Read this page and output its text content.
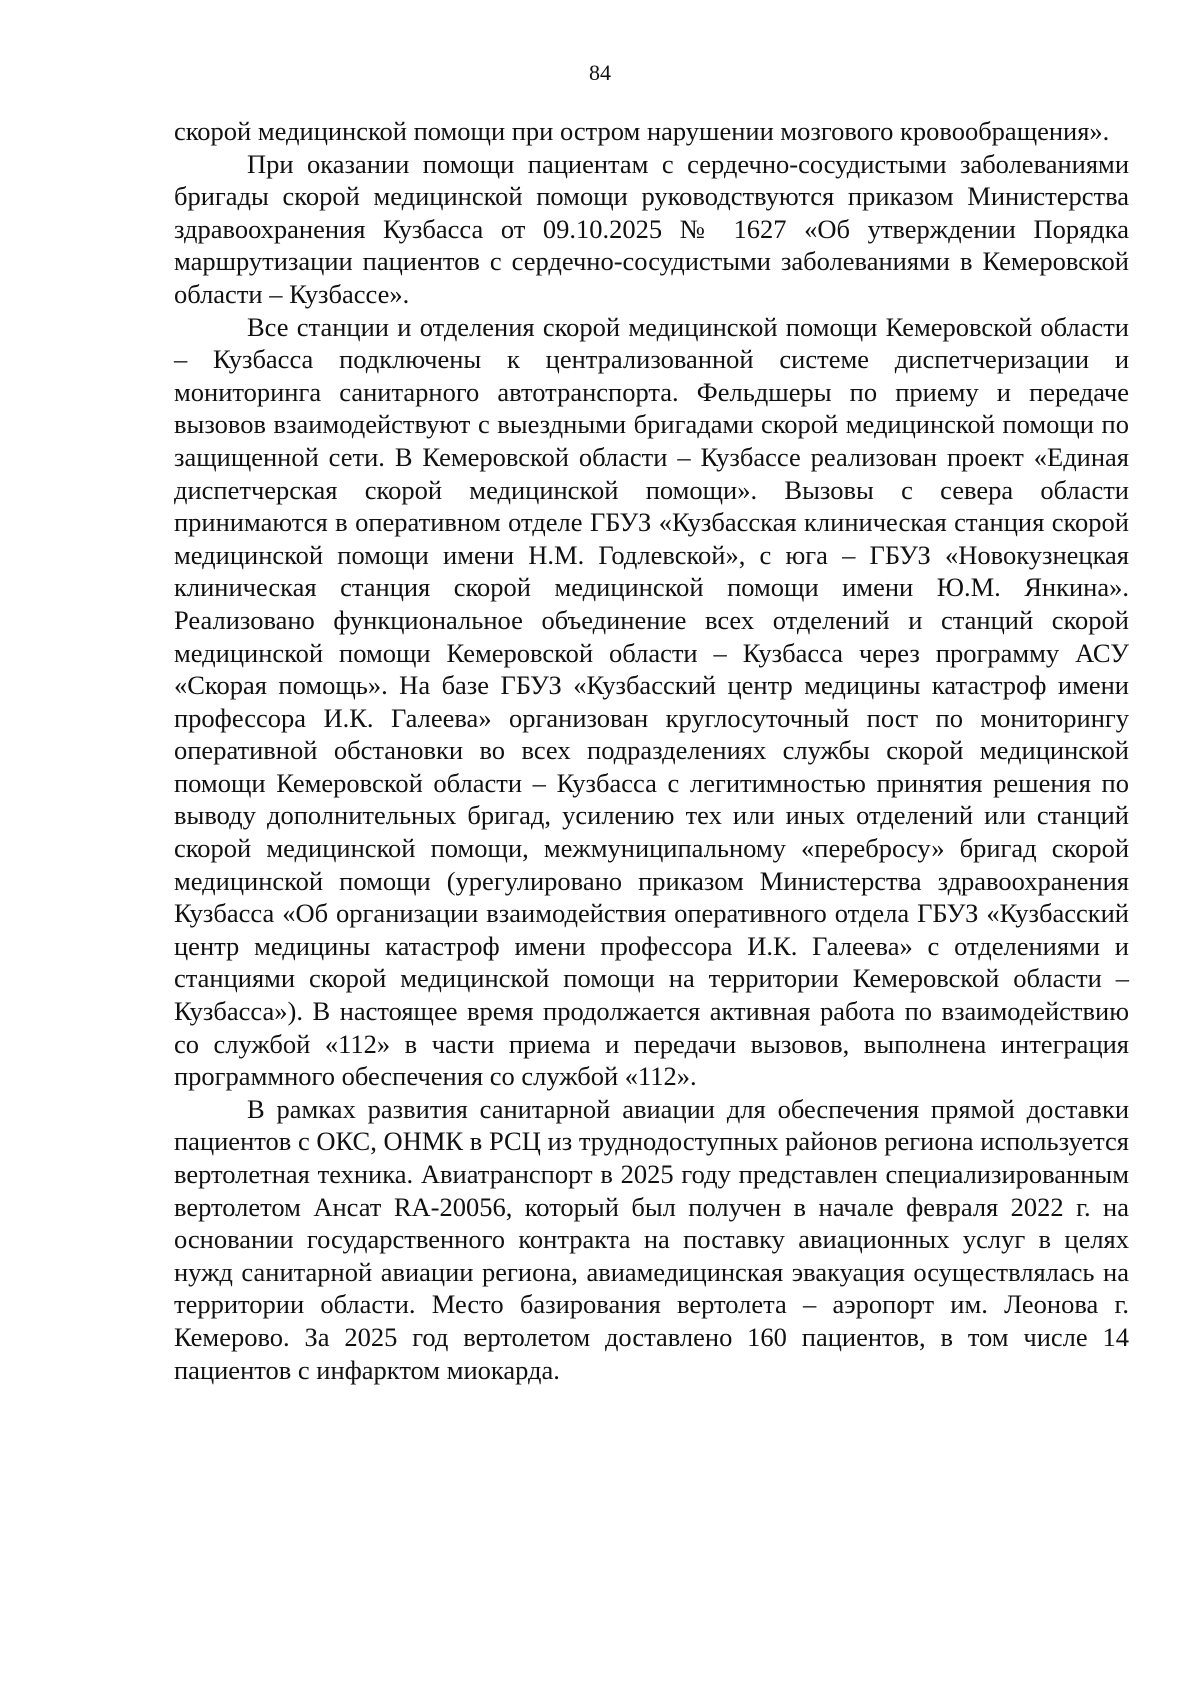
84

скорой медицинской помощи при остром нарушении мозгового кровообращения».

При оказании помощи пациентам с сердечно-сосудистыми заболеваниями бригады скорой медицинской помощи руководствуются приказом Министерства здравоохранения Кузбасса от 09.10.2025 № 1627 «Об утверждении Порядка маршрутизации пациентов с сердечно-сосудистыми заболеваниями в Кемеровской области – Кузбассе».

Все станции и отделения скорой медицинской помощи Кемеровской области – Кузбасса подключены к централизованной системе диспетчеризации и мониторинга санитарного автотранспорта. Фельдшеры по приему и передаче вызовов взаимодействуют с выездными бригадами скорой медицинской помощи по защищенной сети. В Кемеровской области – Кузбассе реализован проект «Единая диспетчерская скорой медицинской помощи». Вызовы с севера области принимаются в оперативном отделе ГБУЗ «Кузбасская клиническая станция скорой медицинской помощи имени Н.М. Годлевской», с юга – ГБУЗ «Новокузнецкая клиническая станция скорой медицинской помощи имени Ю.М. Янкина». Реализовано функциональное объединение всех отделений и станций скорой медицинской помощи Кемеровской области – Кузбасса через программу АСУ «Скорая помощь». На базе ГБУЗ «Кузбасский центр медицины катастроф имени профессора И.К. Галеева» организован круглосуточный пост по мониторингу оперативной обстановки во всех подразделениях службы скорой медицинской помощи Кемеровской области – Кузбасса с легитимностью принятия решения по выводу дополнительных бригад, усилению тех или иных отделений или станций скорой медицинской помощи, межмуниципальному «перебросу» бригад скорой медицинской помощи (урегулировано приказом Министерства здравоохранения Кузбасса «Об организации взаимодействия оперативного отдела ГБУЗ «Кузбасский центр медицины катастроф имени профессора И.К. Галеева» с отделениями и станциями скорой медицинской помощи на территории Кемеровской области – Кузбасса»). В настоящее время продолжается активная работа по взаимодействию со службой «112» в части приема и передачи вызовов, выполнена интеграция программного обеспечения со службой «112».

В рамках развития санитарной авиации для обеспечения прямой доставки пациентов с ОКС, ОНМК в РСЦ из труднодоступных районов региона используется вертолетная техника. Авиатранспорт в 2025 году представлен специализированным вертолетом Ансат RA-20056, который был получен в начале февраля 2022 г. на основании государственного контракта на поставку авиационных услуг в целях нужд санитарной авиации региона, авиамедицинская эвакуация осуществлялась на территории области. Место базирования вертолета – аэропорт им. Леонова г. Кемерово. За 2025 год вертолетом доставлено 160 пациентов, в том числе 14 пациентов с инфарктом миокарда.
